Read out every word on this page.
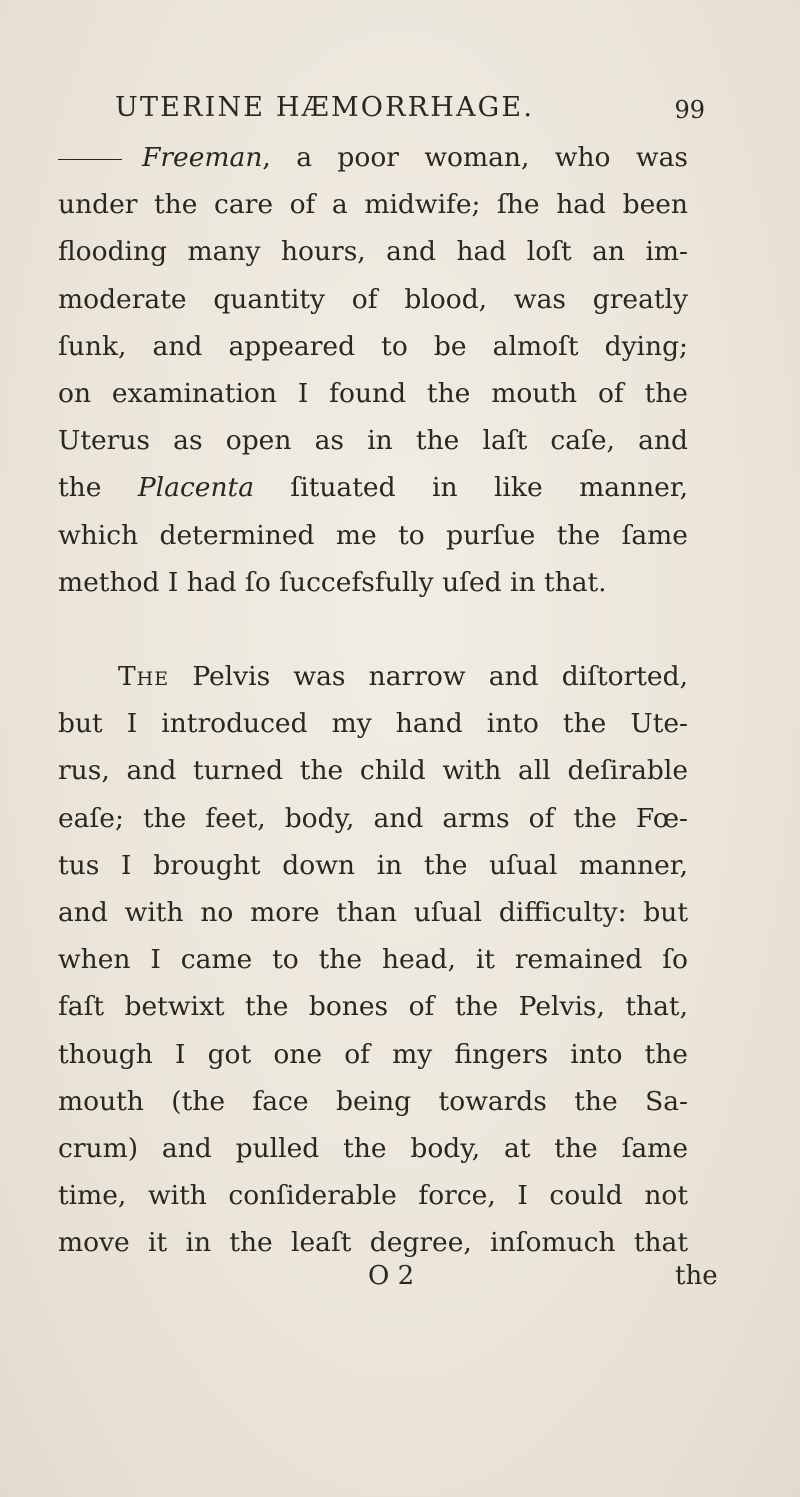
UTERINE HÆMORRHAGE.	99
Freeman, a poor woman, who was
under the care of a midwife; ſhe had been
flooding many hours, and had loſt an im-
moderate quantity of blood, was greatly
ſunk, and appeared to be almoſt dying;
on examination I found the mouth of the
Uterus as open as in the laſt caſe, and
the Placenta ſituated in like manner,
which determined me to purſue the ſame
method I had ſo ſuccefsfully uſed in that.
The Pelvis was narrow and diſtorted,
but I introduced my hand into the Ute-
rus, and turned the child with all deſirable
eaſe; the feet, body, and arms of the Fœ-
tus I brought down in the uſual manner,
and with no more than uſual difficulty: but
when I came to the head, it remained ſo
faſt betwixt the bones of the Pelvis, that,
though I got one of my fingers into the
mouth (the face being towards the Sa-
crum) and pulled the body, at the ſame
time, with conſiderable force, I could not
move it in the leaſt degree, inſomuch that
O 2	the
